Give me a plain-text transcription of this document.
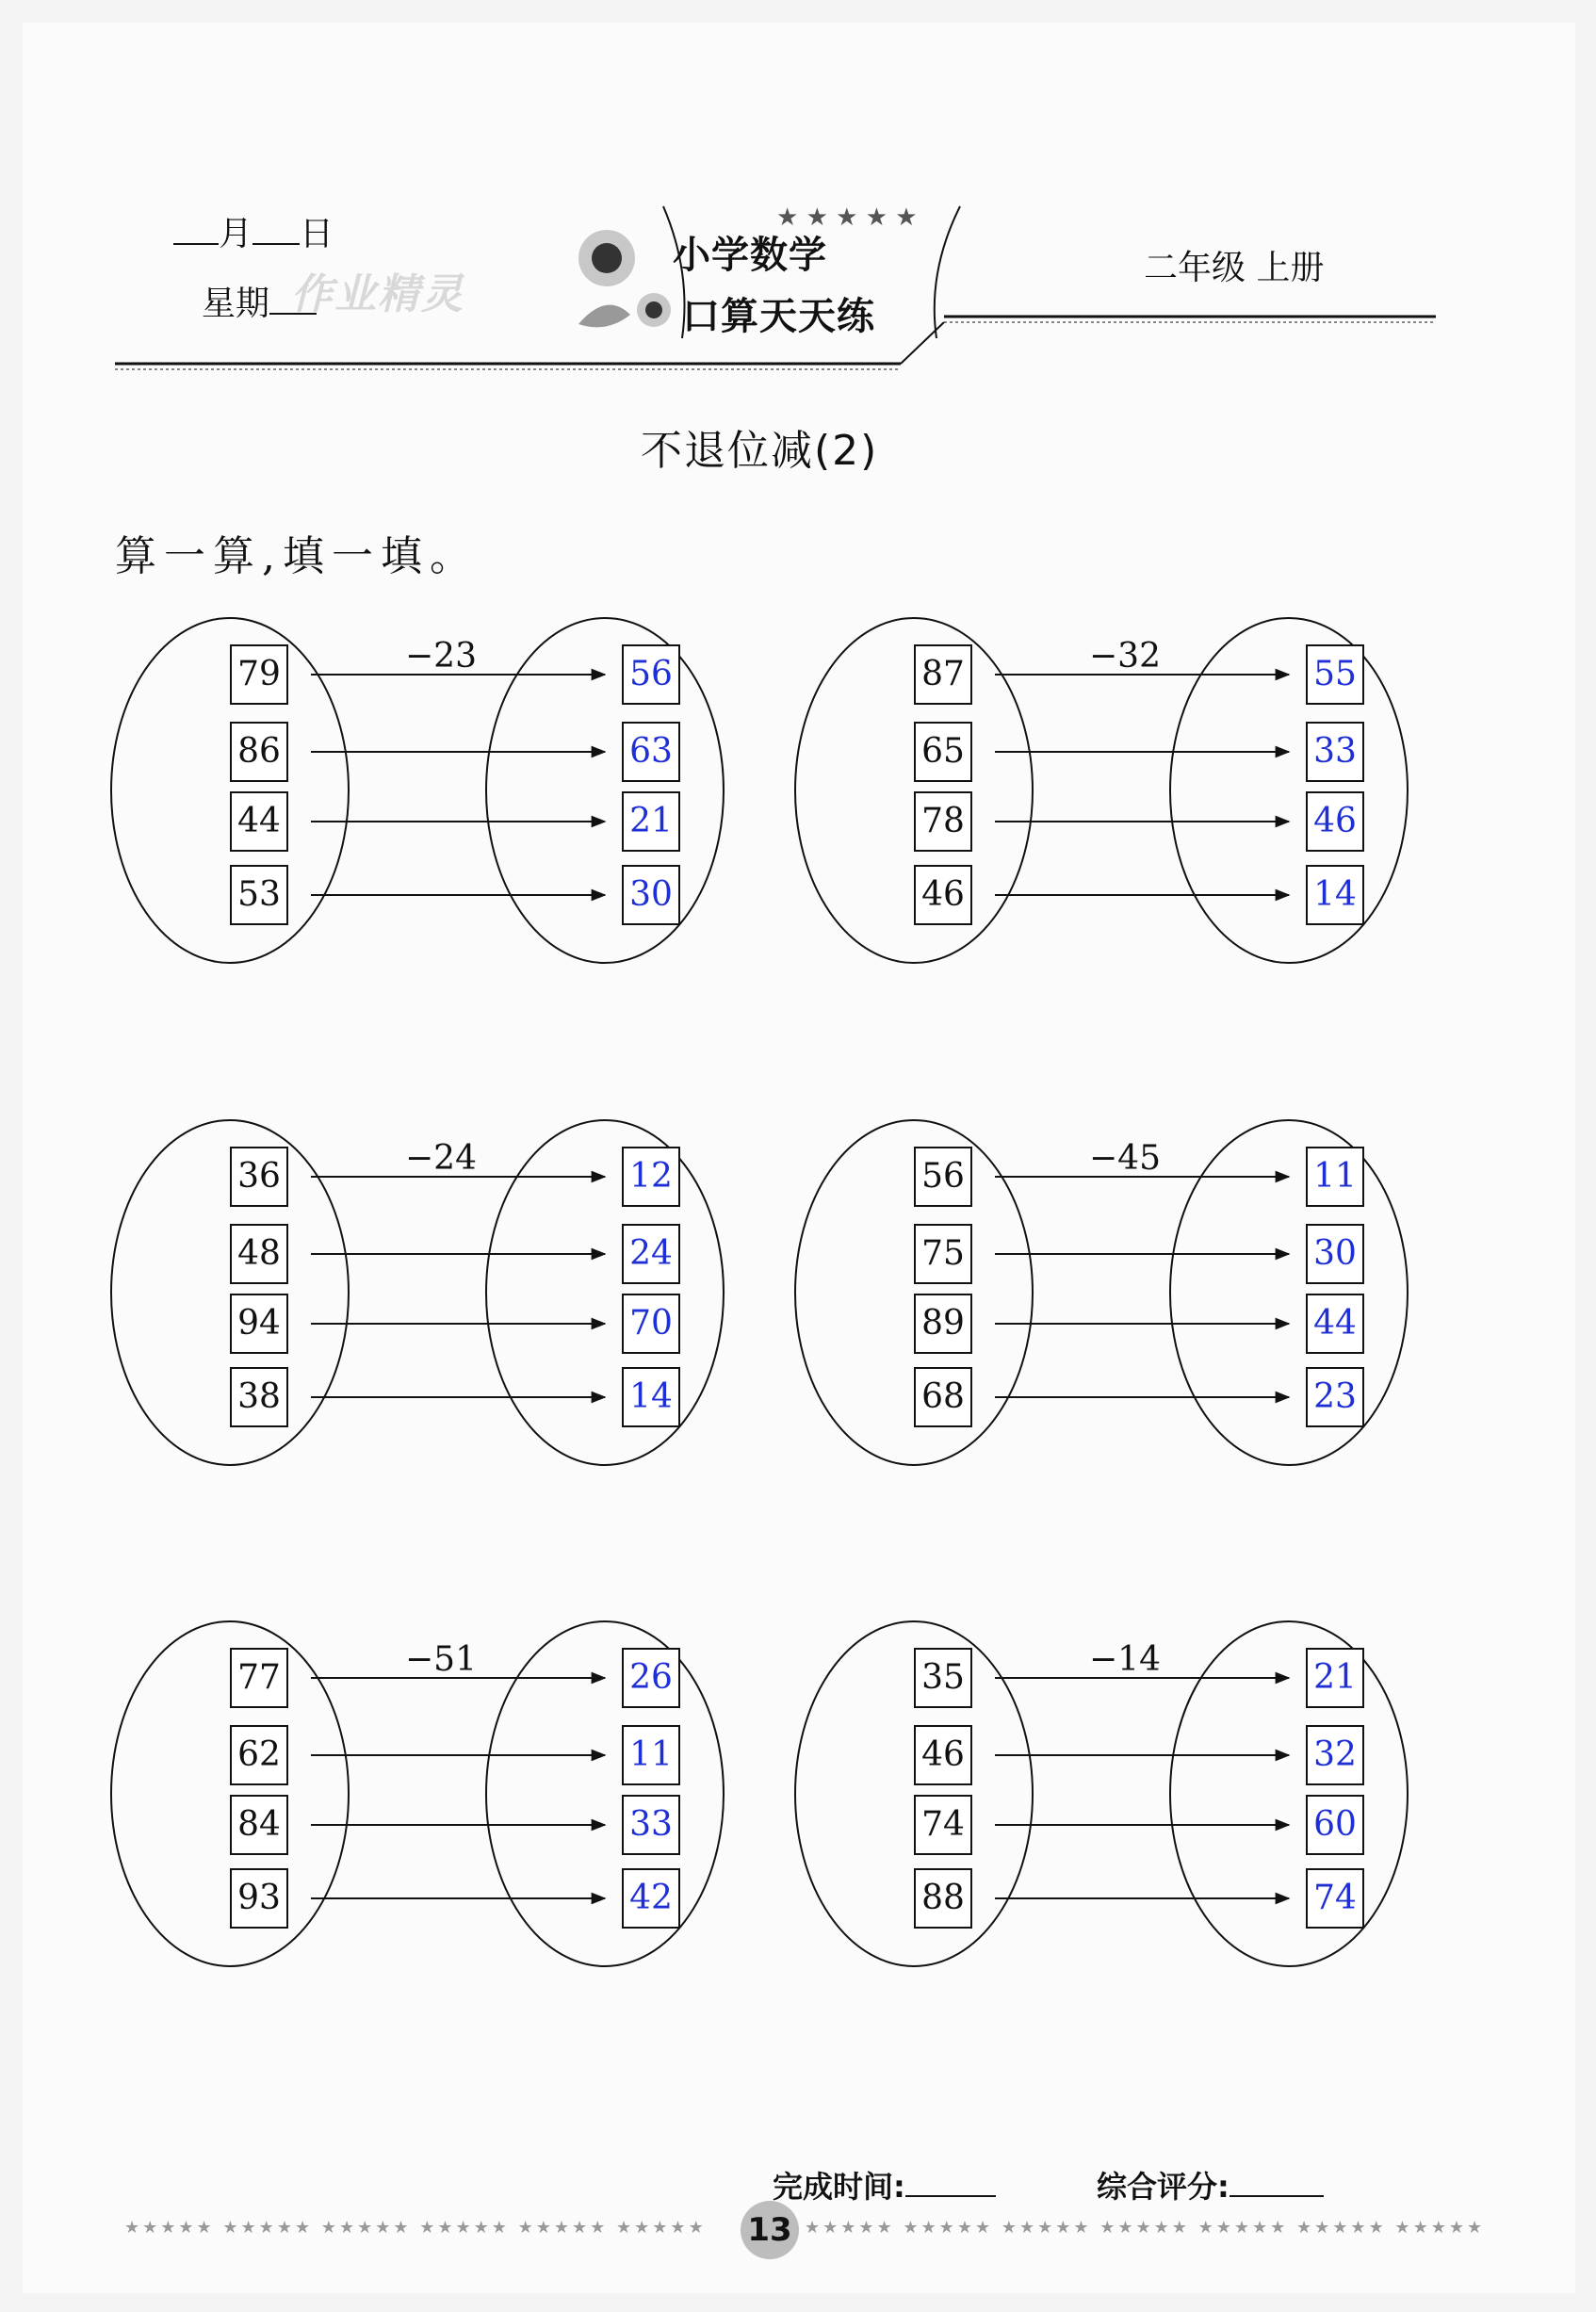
月 日
星期 作业精灵
★ ★ ★ ★ ★
小学数学
口算天天练
二年级 上册
不退位减(2)
算一算,填一填。
−23
79
86
44
53
56
63
21
30
−32
87
65
78
46
55
33
46
14
−24
36
48
94
38
12
24
70
14
−45
56
75
89
68
11
30
44
23
−51
77
62
84
93
26
11
33
42
−14
35
46
74
88
21
32
60
74
完成时间:	综合评分:
★★★★★ ★★★★★ ★★★★★ ★★★★★ ★★★★★ ★★★★★	★★★★★ ★★★★★ ★★★★★ ★★★★★ ★★★★★ ★★★★★ ★★★★★
13
